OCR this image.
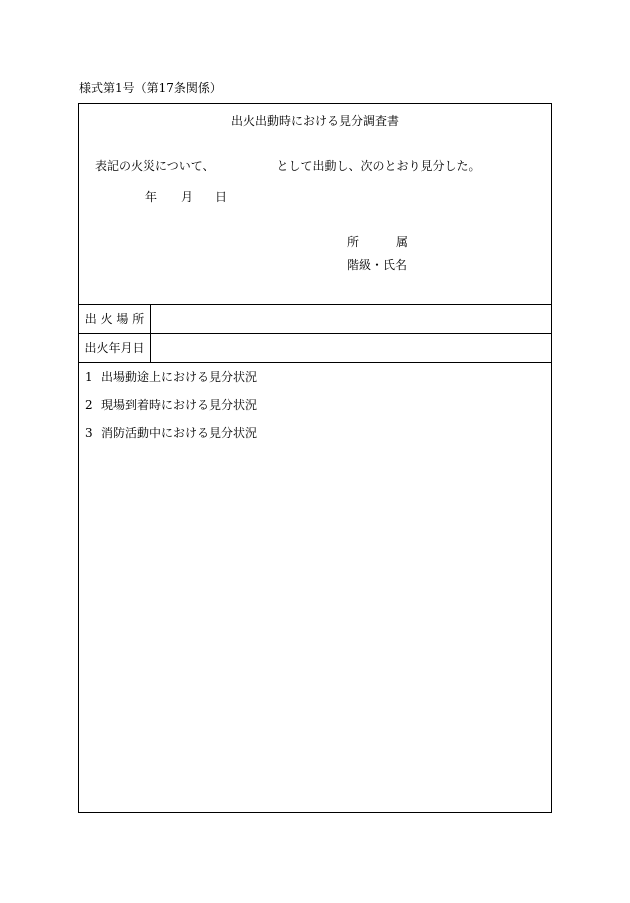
様式第1号（第17条関係）
出火出動時における見分調査書
表記の火災について、	として出動し、次のとおり見分した。
年 月 日
所	属
階級・氏名
出 火 場 所
出火年月日
1 出場動途上における見分状況
2 現場到着時における見分状況
3 消防活動中における見分状況
